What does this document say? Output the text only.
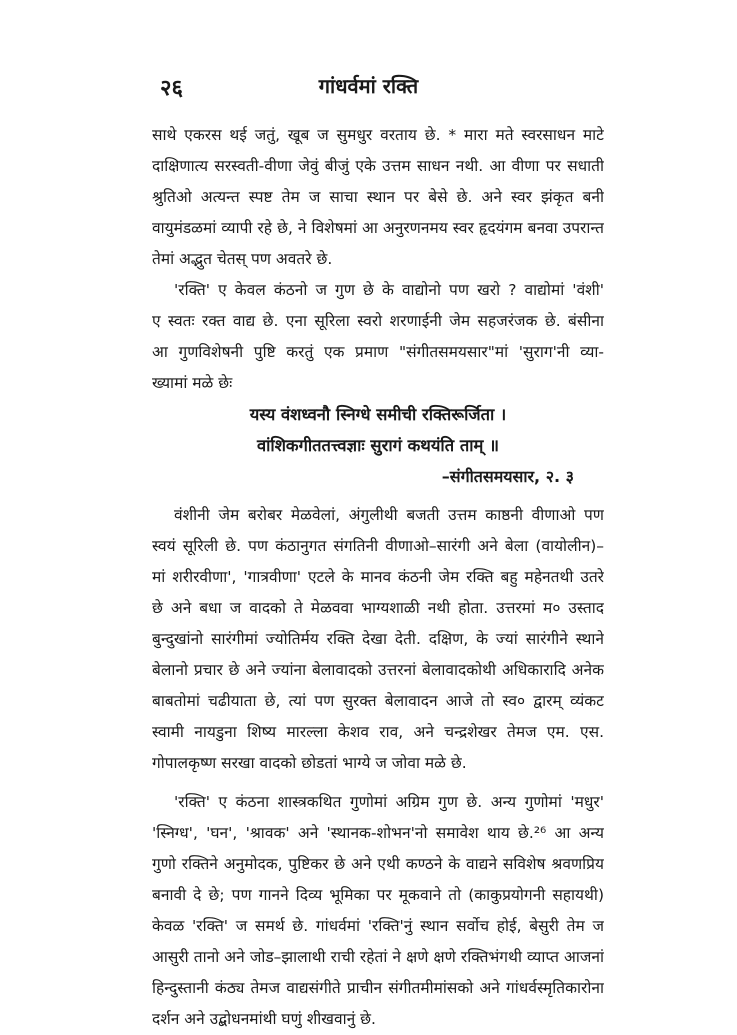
२६	गांधर्वमां रक्ति
साथे एकरस थई जतुं, खूब ज सुमधुर वरताय छे. * मारा मते स्वरसाधन माटे
दाक्षिणात्य सरस्वती-वीणा जेवुं बीजुं एके उत्तम साधन नथी. आ वीणा पर सधाती
श्रुतिओ अत्यन्त स्पष्ट तेम ज साचा स्थान पर बेसे छे. अने स्वर झंकृत बनी
वायुमंडळमां व्यापी रहे छे, ने विशेषमां आ अनुरणनमय स्वर हृदयंगम बनवा उपरान्त
तेमां अद्भुत चेतस् पण अवतरे छे.
'रक्ति' ए केवल कंठनो ज गुण छे के वाद्योनो पण खरो ? वाद्योमां 'वंशी'
ए स्वतः रक्त वाद्य छे. एना सूरिला स्वरो शरणाईनी जेम सहजरंजक छे. बंसीना
आ गुणविशेषनी पुष्टि करतुं एक प्रमाण "संगीतसमयसार"मां 'सुराग'नी व्या-
ख्यामां मळे छेः
यस्य वंशध्वनौ स्निग्धे समीची रक्तिरूर्जिता ।
वांशिकगीततत्त्वज्ञाः सुरागं कथयंति ताम् ॥
–संगीतसमयसार, २. ३
वंशीनी जेम बरोबर मेळवेलां, अंगुलीथी बजती उत्तम काष्ठनी वीणाओ पण
स्वयं सूरिली छे. पण कंठानुगत संगतिनी वीणाओ–सारंगी अने बेला (वायोलीन)–
मां शरीरवीणा', 'गात्रवीणा' एटले के मानव कंठनी जेम रक्ति बहु महेनतथी उतरे
छे अने बधा ज वादको ते मेळववा भाग्यशाळी नथी होता. उत्तरमां म० उस्ताद
बुन्दुखांनो सारंगीमां ज्योतिर्मय रक्ति देखा देती. दक्षिण, के ज्यां सारंगीने स्थाने
बेलानो प्रचार छे अने ज्यांना बेलावादको उत्तरनां बेलावादकोथी अधिकारादि अनेक
बाबतोमां चढीयाता छे, त्यां पण सुरक्त बेलावादन आजे तो स्व० द्वारम् व्यंकट
स्वामी नायडुना शिष्य मारल्ला केशव राव, अने चन्द्रशेखर तेमज एम. एस.
गोपालकृष्ण सरखा वादको छोडतां भाग्ये ज जोवा मळे छे.
'रक्ति' ए कंठना शास्त्रकथित गुणोमां अग्रिम गुण छे. अन्य गुणोमां 'मधुर'
'स्निग्ध', 'घन', 'श्रावक' अने 'स्थानक-शोभन'नो समावेश थाय छे.²⁶ आ अन्य
गुणो रक्तिने अनुमोदक, पुष्टिकर छे अने एथी कण्ठने के वाद्यने सविशेष श्रवणप्रिय
बनावी दे छे; पण गानने दिव्य भूमिका पर मूकवाने तो (काकुप्रयोगनी सहायथी)
केवळ 'रक्ति' ज समर्थ छे. गांधर्वमां 'रक्ति'नुं स्थान सर्वोच होई, बेसुरी तेम ज
आसुरी तानो अने जोड–झालाथी राची रहेतां ने क्षणे क्षणे रक्तिभंगथी व्याप्त आजनां
हिन्दुस्तानी कंठ्य तेमज वाद्यसंगीते प्राचीन संगीतमीमांसको अने गांधर्वस्मृतिकारोना
दर्शन अने उद्बोधनमांथी घणुं शीखवानुं छे.
